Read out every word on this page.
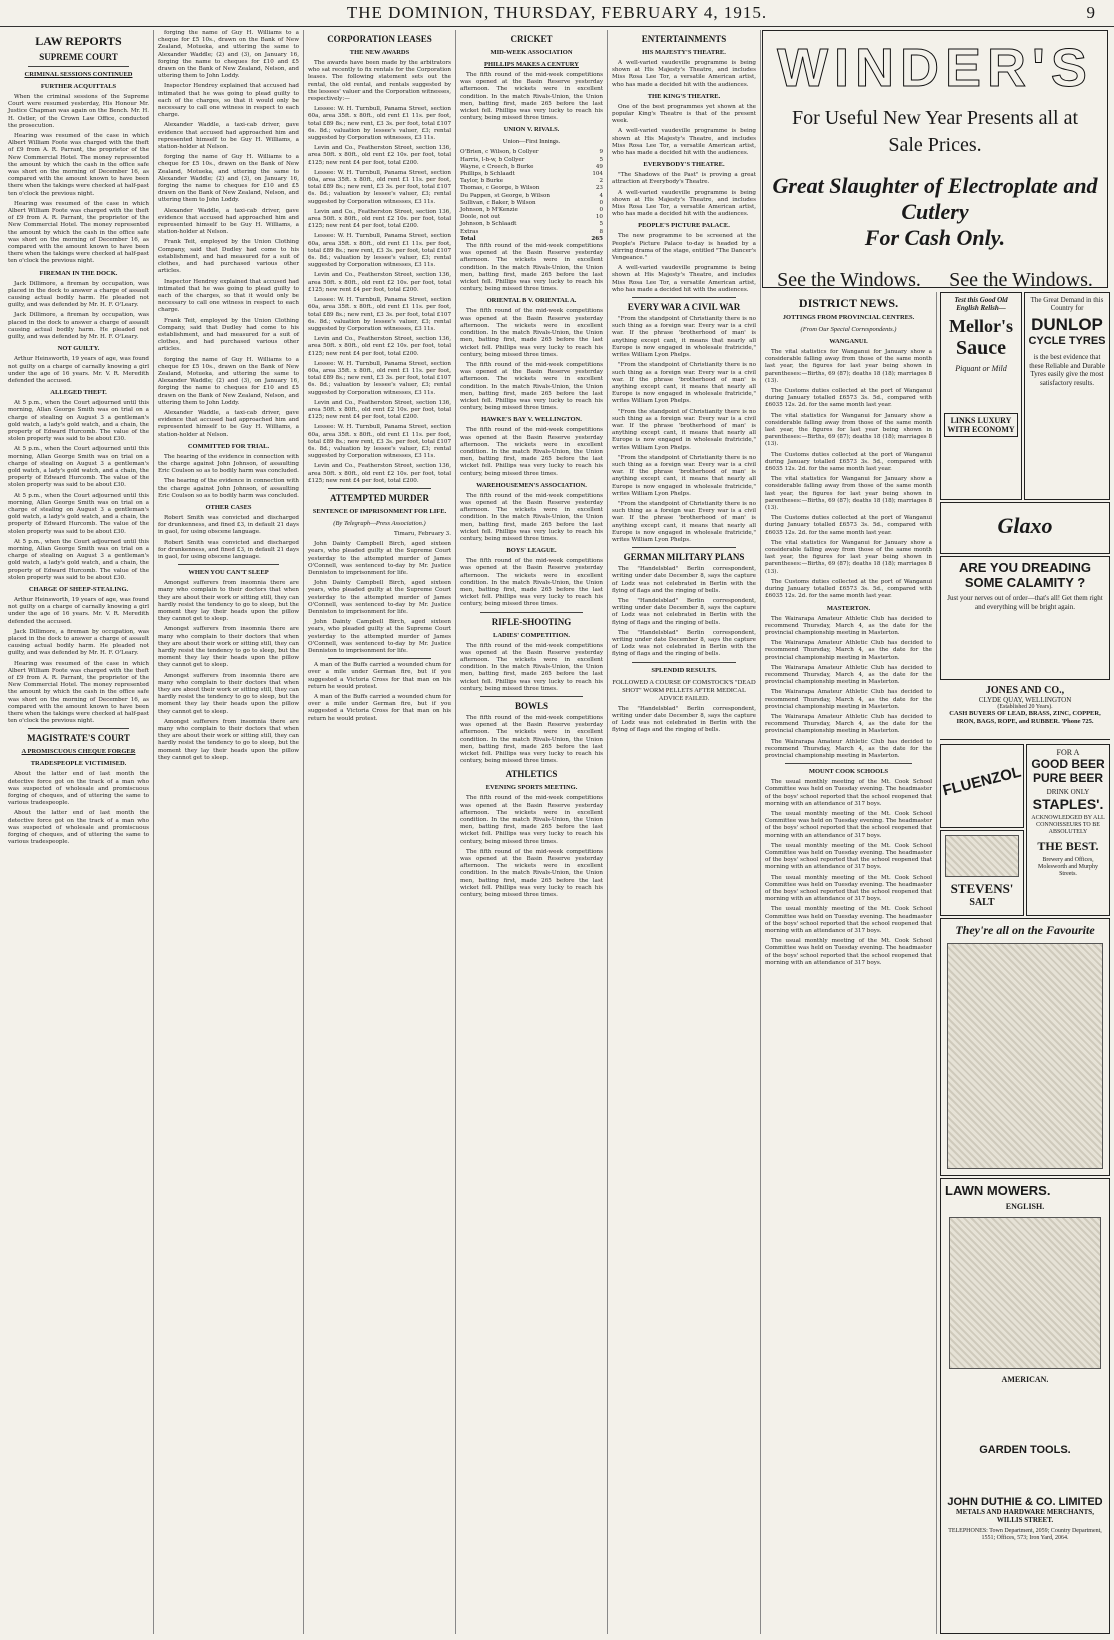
THE DOMINION, THURSDAY, FEBRUARY 4, 1915.	9
LAW REPORTS
SUPREME COURT
CRIMINAL SESSIONS CONTINUED
FURTHER ACQUITTALS

When the criminal sessions of the Supreme Court were resumed yesterday, His Honour Mr. Justice Chapman was again on the Bench. Mr. H. H. Ostler, of the Crown Law Office, conducted the prosecution.

Hearing was resumed of the case in which Albert William Foote was charged with the theft of £9 from A. R. Parrant, the proprietor of the New Commercial Hotel. The money represented the amount by which the cash in the office safe was short on the morning of December 16, as compared with the amount known to have been there when the takings were checked at half-past ten o'clock the previous night.

Hearing was resumed of the case in which Albert William Foote was charged with the theft of £9 from A. R. Parrant, the proprietor of the New Commercial Hotel. The money represented the amount by which the cash in the office safe was short on the morning of December 16, as compared with the amount known to have been there when the takings were checked at half-past ten o'clock the previous night.

FIREMAN IN THE DOCK.

Jack Dillimore, a fireman by occupation, was placed in the dock to answer a charge of assault causing actual bodily harm. He pleaded not guilty, and was defended by Mr. H. F. O'Leary.

Jack Dillimore, a fireman by occupation, was placed in the dock to answer a charge of assault causing actual bodily harm. He pleaded not guilty, and was defended by Mr. H. F. O'Leary.

NOT GUILTY.

Arthur Heinsworth, 19 years of age, was found not guilty on a charge of carnally knowing a girl under the age of 16 years. Mr. V. R. Meredith defended the accused.

ALLEGED THEFT.

At 5 p.m., when the Court adjourned until this morning, Allan George Smith was on trial on a charge of stealing on August 3 a gentleman's gold watch, a lady's gold watch, and a chain, the property of Edward Hurcomb. The value of the stolen property was said to be about £30.

At 5 p.m., when the Court adjourned until this morning, Allan George Smith was on trial on a charge of stealing on August 3 a gentleman's gold watch, a lady's gold watch, and a chain, the property of Edward Hurcomb. The value of the stolen property was said to be about £30.

At 5 p.m., when the Court adjourned until this morning, Allan George Smith was on trial on a charge of stealing on August 3 a gentleman's gold watch, a lady's gold watch, and a chain, the property of Edward Hurcomb. The value of the stolen property was said to be about £30.

At 5 p.m., when the Court adjourned until this morning, Allan George Smith was on trial on a charge of stealing on August 3 a gentleman's gold watch, a lady's gold watch, and a chain, the property of Edward Hurcomb. The value of the stolen property was said to be about £30.

CHARGE OF SHEEP-STEALING.

Arthur Heinsworth, 19 years of age, was found not guilty on a charge of carnally knowing a girl under the age of 16 years. Mr. V. R. Meredith defended the accused.

Jack Dillimore, a fireman by occupation, was placed in the dock to answer a charge of assault causing actual bodily harm. He pleaded not guilty, and was defended by Mr. H. F. O'Leary.

Hearing was resumed of the case in which Albert William Foote was charged with the theft of £9 from A. R. Parrant, the proprietor of the New Commercial Hotel. The money represented the amount by which the cash in the office safe was short on the morning of December 16, as compared with the amount known to have been there when the takings were checked at half-past ten o'clock the previous night.

MAGISTRATE'S COURT
A PROMISCUOUS CHEQUE FORGER
TRADESPEOPLE VICTIMISED.

About the latter end of last month the detective force got on the track of a man who was suspected of wholesale and promiscuous forging of cheques, and of uttering the same to various tradespeople.

About the latter end of last month the detective force got on the track of a man who was suspected of wholesale and promiscuous forging of cheques, and of uttering the same to various tradespeople.

forging the name of Guy H. Williams to a cheque for £5 10s., drawn on the Bank of New Zealand, Motueka, and uttering the same to Alexander Waddle; (2) and (3), on January 16, forging the name to cheques for £10 and £5 drawn on the Bank of New Zealand, Nelson, and uttering them to John Loddy.

Inspector Hendrey explained that accused had intimated that he was going to plead guilty to each of the charges, so that it would only be necessary to call one witness in respect to each charge.

Alexander Waddle, a taxi-cab driver, gave evidence that accused had approached him and represented himself to be Guy H. Williams, a station-holder at Nelson.

forging the name of Guy H. Williams to a cheque for £5 10s., drawn on the Bank of New Zealand, Motueka, and uttering the same to Alexander Waddle; (2) and (3), on January 16, forging the name to cheques for £10 and £5 drawn on the Bank of New Zealand, Nelson, and uttering them to John Loddy.

Alexander Waddle, a taxi-cab driver, gave evidence that accused had approached him and represented himself to be Guy H. Williams, a station-holder at Nelson.

Frank Teit, employed by the Union Clothing Company, said that Dudley had come to his establishment, and had measured for a suit of clothes, and had purchased various other articles.

Inspector Hendrey explained that accused had intimated that he was going to plead guilty to each of the charges, so that it would only be necessary to call one witness in respect to each charge.

Frank Teit, employed by the Union Clothing Company, said that Dudley had come to his establishment, and had measured for a suit of clothes, and had purchased various other articles.

forging the name of Guy H. Williams to a cheque for £5 10s., drawn on the Bank of New Zealand, Motueka, and uttering the same to Alexander Waddle; (2) and (3), on January 16, forging the name to cheques for £10 and £5 drawn on the Bank of New Zealand, Nelson, and uttering them to John Loddy.

Alexander Waddle, a taxi-cab driver, gave evidence that accused had approached him and represented himself to be Guy H. Williams, a station-holder at Nelson.

COMMITTED FOR TRIAL.

The hearing of the evidence in connection with the charge against John Johnson, of assaulting Eric Coulson so as to bodily harm was concluded.

The hearing of the evidence in connection with the charge against John Johnson, of assaulting Eric Coulson so as to bodily harm was concluded.

OTHER CASES

Robert Smith was convicted and discharged for drunkenness, and fined £3, in default 21 days in gaol, for using obscene language.

Robert Smith was convicted and discharged for drunkenness, and fined £3, in default 21 days in gaol, for using obscene language.

WHEN YOU CAN'T SLEEP

Amongst sufferers from insomnia there are many who complain to their doctors that when they are about their work or sitting still, they can hardly resist the tendency to go to sleep, but the moment they lay their heads upon the pillow they cannot get to sleep.

Amongst sufferers from insomnia there are many who complain to their doctors that when they are about their work or sitting still, they can hardly resist the tendency to go to sleep, but the moment they lay their heads upon the pillow they cannot get to sleep.

Amongst sufferers from insomnia there are many who complain to their doctors that when they are about their work or sitting still, they can hardly resist the tendency to go to sleep, but the moment they lay their heads upon the pillow they cannot get to sleep.

Amongst sufferers from insomnia there are many who complain to their doctors that when they are about their work or sitting still, they can hardly resist the tendency to go to sleep, but the moment they lay their heads upon the pillow they cannot get to sleep.

CORPORATION LEASES
THE NEW AWARDS

The awards have been made by the arbitrators who sat recently to fix rentals for the Corporation leases. The following statement sets out the rental, the old rental, and rentals suggested by the lessees' valuer and the Corporation witnesses, respectively:—

Lessee: W. H. Turnbull, Panama Street, section 60a, area 35ft. x 80ft., old rent £1 11s. per foot, total £89 8s.; new rent, £3 3s. per foot, total £107 6s. 8d.; valuation by lessee's valuer, £3; rental suggested by Corporation witnesses, £3 11s.

Levin and Co., Featherston Street, section 136, area 50ft. x 80ft., old rent £2 10s. per foot, total £125; new rent £4 per foot, total £200.

Lessee: W. H. Turnbull, Panama Street, section 60a, area 35ft. x 80ft., old rent £1 11s. per foot, total £89 8s.; new rent, £3 3s. per foot, total £107 6s. 8d.; valuation by lessee's valuer, £3; rental suggested by Corporation witnesses, £3 11s.

Levin and Co., Featherston Street, section 136, area 50ft. x 80ft., old rent £2 10s. per foot, total £125; new rent £4 per foot, total £200.

Lessee: W. H. Turnbull, Panama Street, section 60a, area 35ft. x 80ft., old rent £1 11s. per foot, total £89 8s.; new rent, £3 3s. per foot, total £107 6s. 8d.; valuation by lessee's valuer, £3; rental suggested by Corporation witnesses, £3 11s.

Levin and Co., Featherston Street, section 136, area 50ft. x 80ft., old rent £2 10s. per foot, total £125; new rent £4 per foot, total £200.

Lessee: W. H. Turnbull, Panama Street, section 60a, area 35ft. x 80ft., old rent £1 11s. per foot, total £89 8s.; new rent, £3 3s. per foot, total £107 6s. 8d.; valuation by lessee's valuer, £3; rental suggested by Corporation witnesses, £3 11s.

Levin and Co., Featherston Street, section 136, area 50ft. x 80ft., old rent £2 10s. per foot, total £125; new rent £4 per foot, total £200.

Lessee: W. H. Turnbull, Panama Street, section 60a, area 35ft. x 80ft., old rent £1 11s. per foot, total £89 8s.; new rent, £3 3s. per foot, total £107 6s. 8d.; valuation by lessee's valuer, £3; rental suggested by Corporation witnesses, £3 11s.

Levin and Co., Featherston Street, section 136, area 50ft. x 80ft., old rent £2 10s. per foot, total £125; new rent £4 per foot, total £200.

Lessee: W. H. Turnbull, Panama Street, section 60a, area 35ft. x 80ft., old rent £1 11s. per foot, total £89 8s.; new rent, £3 3s. per foot, total £107 6s. 8d.; valuation by lessee's valuer, £3; rental suggested by Corporation witnesses, £3 11s.

Levin and Co., Featherston Street, section 136, area 50ft. x 80ft., old rent £2 10s. per foot, total £125; new rent £4 per foot, total £200.

ATTEMPTED MURDER
SENTENCE OF IMPRISONMENT FOR LIFE.
(By Telegraph—Press Association.)

Timaru, February 3.

John Dainty Campbell Birch, aged sixteen years, who pleaded guilty at the Supreme Court yesterday to the attempted murder of James O'Connell, was sentenced to-day by Mr. Justice Denniston to imprisonment for life.

John Dainty Campbell Birch, aged sixteen years, who pleaded guilty at the Supreme Court yesterday to the attempted murder of James O'Connell, was sentenced to-day by Mr. Justice Denniston to imprisonment for life.

John Dainty Campbell Birch, aged sixteen years, who pleaded guilty at the Supreme Court yesterday to the attempted murder of James O'Connell, was sentenced to-day by Mr. Justice Denniston to imprisonment for life.

A man of the Buffs carried a wounded chum for over a mile under German fire, but if you suggested a Victoria Cross for that man on his return he would protest.

A man of the Buffs carried a wounded chum for over a mile under German fire, but if you suggested a Victoria Cross for that man on his return he would protest.

CRICKET
MID-WEEK ASSOCIATION
PHILLIPS MAKES A CENTURY

The fifth round of the mid-week competitions was opened at the Basin Reserve yesterday afternoon. The wickets were in excellent condition. In the match Rivals-Union, the Union men, batting first, made 265 before the last wicket fell. Phillips was very lucky to reach his century, being missed three times.

UNION V. RIVALS.
Union—First Innings.
O'Brien, c Wilson, b Collyer	9
Harris, l-b-w, b Collyer	5
Wayne, c Creech, b Burke	49
Phillips, b Schlaadt	104
Taylor, b Burke	2
Thomas, c George, b Wilson	23
Du Pappen, st George, b Wilson	4
Sullivan, c Baker, b Wilson	0
Johnson, b M'Kenzie	0
Doole, not out	10
Johnson, b Schlaadt	5
Extras	8
Total	265

The fifth round of the mid-week competitions was opened at the Basin Reserve yesterday afternoon. The wickets were in excellent condition. In the match Rivals-Union, the Union men, batting first, made 265 before the last wicket fell. Phillips was very lucky to reach his century, being missed three times.

ORIENTAL B V. ORIENTAL A.

The fifth round of the mid-week competitions was opened at the Basin Reserve yesterday afternoon. The wickets were in excellent condition. In the match Rivals-Union, the Union men, batting first, made 265 before the last wicket fell. Phillips was very lucky to reach his century, being missed three times.

The fifth round of the mid-week competitions was opened at the Basin Reserve yesterday afternoon. The wickets were in excellent condition. In the match Rivals-Union, the Union men, batting first, made 265 before the last wicket fell. Phillips was very lucky to reach his century, being missed three times.

HAWKE'S BAY V. WELLINGTON.

The fifth round of the mid-week competitions was opened at the Basin Reserve yesterday afternoon. The wickets were in excellent condition. In the match Rivals-Union, the Union men, batting first, made 265 before the last wicket fell. Phillips was very lucky to reach his century, being missed three times.

WAREHOUSEMEN'S ASSOCIATION.

The fifth round of the mid-week competitions was opened at the Basin Reserve yesterday afternoon. The wickets were in excellent condition. In the match Rivals-Union, the Union men, batting first, made 265 before the last wicket fell. Phillips was very lucky to reach his century, being missed three times.

BOYS' LEAGUE.

The fifth round of the mid-week competitions was opened at the Basin Reserve yesterday afternoon. The wickets were in excellent condition. In the match Rivals-Union, the Union men, batting first, made 265 before the last wicket fell. Phillips was very lucky to reach his century, being missed three times.

RIFLE-SHOOTING
LADIES' COMPETITION.

The fifth round of the mid-week competitions was opened at the Basin Reserve yesterday afternoon. The wickets were in excellent condition. In the match Rivals-Union, the Union men, batting first, made 265 before the last wicket fell. Phillips was very lucky to reach his century, being missed three times.

BOWLS

The fifth round of the mid-week competitions was opened at the Basin Reserve yesterday afternoon. The wickets were in excellent condition. In the match Rivals-Union, the Union men, batting first, made 265 before the last wicket fell. Phillips was very lucky to reach his century, being missed three times.

ATHLETICS
EVENING SPORTS MEETING.

The fifth round of the mid-week competitions was opened at the Basin Reserve yesterday afternoon. The wickets were in excellent condition. In the match Rivals-Union, the Union men, batting first, made 265 before the last wicket fell. Phillips was very lucky to reach his century, being missed three times.

The fifth round of the mid-week competitions was opened at the Basin Reserve yesterday afternoon. The wickets were in excellent condition. In the match Rivals-Union, the Union men, batting first, made 265 before the last wicket fell. Phillips was very lucky to reach his century, being missed three times.

ENTERTAINMENTS
HIS MAJESTY'S THEATRE.

A well-varied vaudeville programme is being shown at His Majesty's Theatre, and includes Miss Rosa Lee Tor, a versatile American artist, who has made a decided hit with the audiences.

THE KING'S THEATRE.

One of the best programmes yet shown at the popular King's Theatre is that of the present week.

A well-varied vaudeville programme is being shown at His Majesty's Theatre, and includes Miss Rosa Lee Tor, a versatile American artist, who has made a decided hit with the audiences.

EVERYBODY'S THEATRE.

"The Shadows of the Past" is proving a great attraction at Everybody's Theatre.

A well-varied vaudeville programme is being shown at His Majesty's Theatre, and includes Miss Rosa Lee Tor, a versatile American artist, who has made a decided hit with the audiences.

PEOPLE'S PICTURE PALACE.

The new programme to be screened at the People's Picture Palace to-day is headed by a stirring drama of the stage, entitled "The Dancer's Vengeance."

A well-varied vaudeville programme is being shown at His Majesty's Theatre, and includes Miss Rosa Lee Tor, a versatile American artist, who has made a decided hit with the audiences.

EVERY WAR A CIVIL WAR

"From the standpoint of Christianity there is no such thing as a foreign war. Every war is a civil war. If the phrase 'brotherhood of man' is anything except cant, it means that nearly all Europe is now engaged in wholesale fratricide," writes William Lyon Phelps.

"From the standpoint of Christianity there is no such thing as a foreign war. Every war is a civil war. If the phrase 'brotherhood of man' is anything except cant, it means that nearly all Europe is now engaged in wholesale fratricide," writes William Lyon Phelps.

"From the standpoint of Christianity there is no such thing as a foreign war. Every war is a civil war. If the phrase 'brotherhood of man' is anything except cant, it means that nearly all Europe is now engaged in wholesale fratricide," writes William Lyon Phelps.

"From the standpoint of Christianity there is no such thing as a foreign war. Every war is a civil war. If the phrase 'brotherhood of man' is anything except cant, it means that nearly all Europe is now engaged in wholesale fratricide," writes William Lyon Phelps.

"From the standpoint of Christianity there is no such thing as a foreign war. Every war is a civil war. If the phrase 'brotherhood of man' is anything except cant, it means that nearly all Europe is now engaged in wholesale fratricide," writes William Lyon Phelps.

GERMAN MILITARY PLANS

The "Handelsblad" Berlin correspondent, writing under date December 8, says the capture of Lodz was not celebrated in Berlin with the flying of flags and the ringing of bells.

The "Handelsblad" Berlin correspondent, writing under date December 8, says the capture of Lodz was not celebrated in Berlin with the flying of flags and the ringing of bells.

The "Handelsblad" Berlin correspondent, writing under date December 8, says the capture of Lodz was not celebrated in Berlin with the flying of flags and the ringing of bells.

SPLENDID RESULTS.
FOLLOWED A COURSE OF COMSTOCK'S "DEAD SHOT" WORM PELLETS AFTER MEDICAL ADVICE FAILED.

The "Handelsblad" Berlin correspondent, writing under date December 8, says the capture of Lodz was not celebrated in Berlin with the flying of flags and the ringing of bells.

WINDER'S
For Useful New Year Presents all at
Sale Prices.
Great Slaughter of Electroplate and Cutlery
For Cash Only.
See the Windows. See the Windows.

DISTRICT NEWS.
JOTTINGS FROM PROVINCIAL CENTRES.
(From Our Special Correspondents.)
WANGANUI.

The vital statistics for Wanganui for January show a considerable falling away from those of the same month last year, the figures for last year being shown in parentheses:—Births, 69 (87); deaths 18 (18); marriages 8 (13).

The Customs duties collected at the port of Wanganui during January totalled £6573 3s. 5d., compared with £6035 12s. 2d. for the same month last year.

The vital statistics for Wanganui for January show a considerable falling away from those of the same month last year, the figures for last year being shown in parentheses:—Births, 69 (87); deaths 18 (18); marriages 8 (13).

The Customs duties collected at the port of Wanganui during January totalled £6573 3s. 5d., compared with £6035 12s. 2d. for the same month last year.

The vital statistics for Wanganui for January show a considerable falling away from those of the same month last year, the figures for last year being shown in parentheses:—Births, 69 (87); deaths 18 (18); marriages 8 (13).

The Customs duties collected at the port of Wanganui during January totalled £6573 3s. 5d., compared with £6035 12s. 2d. for the same month last year.

The vital statistics for Wanganui for January show a considerable falling away from those of the same month last year, the figures for last year being shown in parentheses:—Births, 69 (87); deaths 18 (18); marriages 8 (13).

The Customs duties collected at the port of Wanganui during January totalled £6573 3s. 5d., compared with £6035 12s. 2d. for the same month last year.

MASTERTON.

The Wairarapa Amateur Athletic Club has decided to recommend Thursday, March 4, as the date for the provincial championship meeting in Masterton.

The Wairarapa Amateur Athletic Club has decided to recommend Thursday, March 4, as the date for the provincial championship meeting in Masterton.

The Wairarapa Amateur Athletic Club has decided to recommend Thursday, March 4, as the date for the provincial championship meeting in Masterton.

The Wairarapa Amateur Athletic Club has decided to recommend Thursday, March 4, as the date for the provincial championship meeting in Masterton.

The Wairarapa Amateur Athletic Club has decided to recommend Thursday, March 4, as the date for the provincial championship meeting in Masterton.

The Wairarapa Amateur Athletic Club has decided to recommend Thursday, March 4, as the date for the provincial championship meeting in Masterton.

MOUNT COOK SCHOOLS

The usual monthly meeting of the Mt. Cook School Committee was held on Tuesday evening. The headmaster of the boys' school reported that the school reopened that morning with an attendance of 317 boys.

The usual monthly meeting of the Mt. Cook School Committee was held on Tuesday evening. The headmaster of the boys' school reported that the school reopened that morning with an attendance of 317 boys.

The usual monthly meeting of the Mt. Cook School Committee was held on Tuesday evening. The headmaster of the boys' school reported that the school reopened that morning with an attendance of 317 boys.

The usual monthly meeting of the Mt. Cook School Committee was held on Tuesday evening. The headmaster of the boys' school reported that the school reopened that morning with an attendance of 317 boys.

The usual monthly meeting of the Mt. Cook School Committee was held on Tuesday evening. The headmaster of the boys' school reported that the school reopened that morning with an attendance of 317 boys.

The usual monthly meeting of the Mt. Cook School Committee was held on Tuesday evening. The headmaster of the boys' school reported that the school reopened that morning with an attendance of 317 boys.

Test this Good Old English Relish—
Mellor's
Sauce
Piquant or Mild
LINKS LUXURY WITH ECONOMY
The Great Demand in this Country for
DUNLOP
CYCLE TYRES
is the best evidence that these Reliable and Durable Tyres easily give the most satisfactory results.
Glaxo
ARE YOU DREADING SOME CALAMITY ?
Just your nerves out of order—that's all! Get them right and everything will be bright again.
JONES AND CO.,
CLYDE QUAY, WELLINGTON
(Established 20 Years).
CASH BUYERS OF LEAD, BRASS, ZINC, COPPER, IRON, BAGS, ROPE, and RUBBER. 'Phone 725.
FLUENZOL
STEVENS'
SALT
FOR A
GOOD BEER
PURE BEER
DRINK ONLY
STAPLES'.
ACKNOWLEDGED BY ALL CONNOISSEURS TO BE ABSOLUTELY
THE BEST.
Brewery and Offices, Molesworth and Murphy Streets.
They're all on the Favourite
LAWN MOWERS.
ENGLISH.
AMERICAN.
GARDEN TOOLS.
JOHN DUTHIE & CO. LIMITED
METALS AND HARDWARE MERCHANTS,
WILLIS STREET.
TELEPHONES: Town Department, 2059; Country Department, 1551; Offices, 573; Iron Yard, 2064.
